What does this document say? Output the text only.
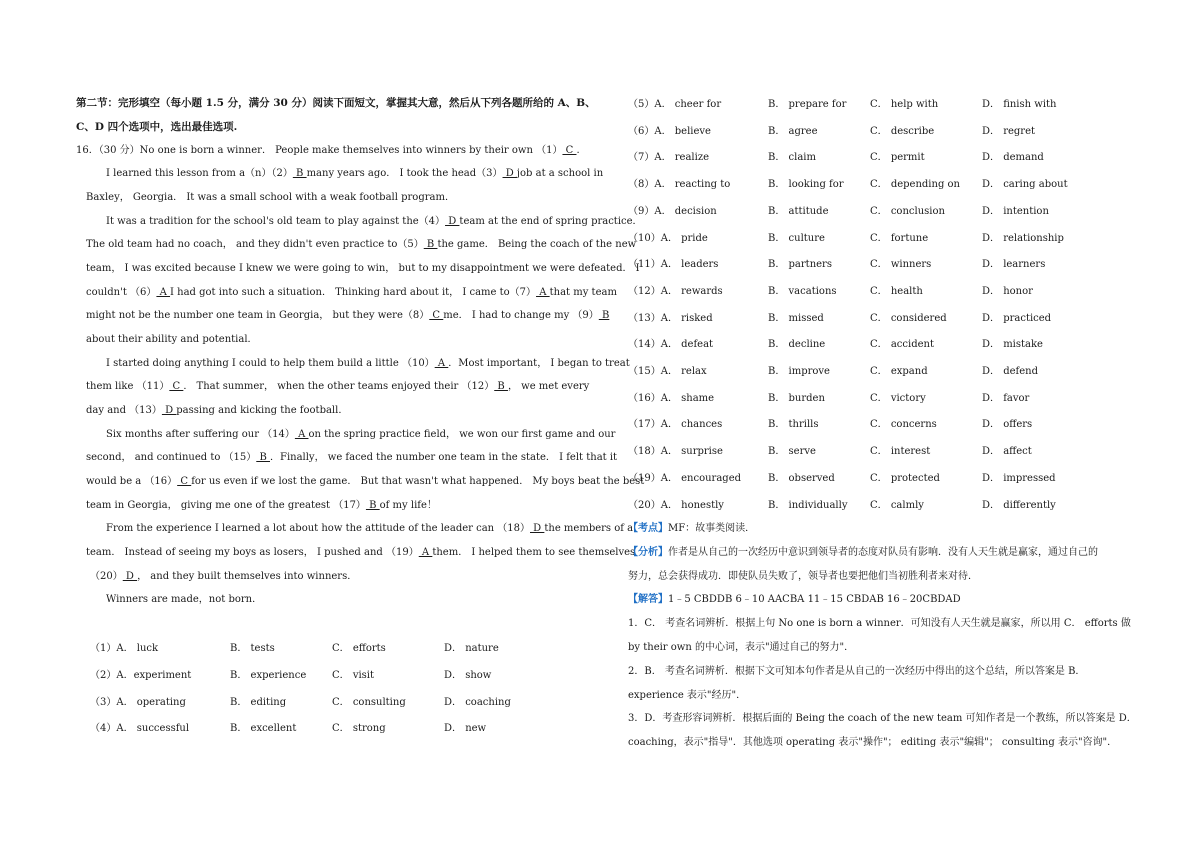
第二节：完形填空（每小题 1.5 分，满分 30 分）阅读下面短文，掌握其大意，然后从下列各题所给的 A、B、
C、D 四个选项中，选出最佳选项.
16．（30 分）No one is born a winner． People make themselves into winners by their own （1） C .
I learned this lesson from a（n）（2） B many years ago． I took the head（3） D job at a school in
Baxley， Georgia． It was a small school with a weak football program．
It was a tradition for the school's old team to play against the（4） D team at the end of spring practice．
The old team had no coach， and they didn't even practice to（5） B the game． Being the coach of the new
team， I was excited because I knew we were going to win， but to my disappointment we were defeated． I
couldn't （6） A I had got into such a situation． Thinking hard about it， I came to（7） A that my team
might not be the number one team in Georgia， but they were（8） C me． I had to change my （9） B
about their ability and potential．
I started doing anything I could to help them build a little （10） A ．Most important， I began to treat
them like （11） C ． That summer， when the other teams enjoyed their （12） B ， we met every
day and （13） D passing and kicking the football．
Six months after suffering our （14） A on the spring practice field， we won our first game and our
second， and continued to （15） B ．Finally， we faced the number one team in the state． I felt that it
would be a （16） C for us even if we lost the game． But that wasn't what happened． My boys beat the best
team in Georgia， giving me one of the greatest （17） B of my life！
From the experience I learned a lot about how the attitude of the leader can （18） D the members of a
team． Instead of seeing my boys as losers， I pushed and （19） A them． I helped them to see themselves
（20） D ， and they built themselves into winners．
Winners are made，not born．
（1）A． luck	B． tests	C． efforts	D． nature
（2）A．experiment	B． experience	C． visit	D． show
（3）A． operating	B． editing	C． consulting	D． coaching
（4）A． successful	B． excellent	C． strong	D． new
（5）A． cheer for	B． prepare for C． help with	D． finish with
（6）A． believe	B． agree	C． describe	D． regret
（7）A． realize	B． claim	C． permit	D． demand
（8）A． reacting to	B． looking for	C． depending on D． caring about
（9）A． decision	B． attitude	C． conclusion	D． intention
（10）A． pride	B． culture	C． fortune	D． relationship
（11）A． leaders	B． partners	C． winners	D． learners
（12）A． rewards	B． vacations	C． health	D． honor
（13）A． risked	B． missed	C． considered	D． practiced
（14）A． defeat	B． decline	C． accident	D． mistake
（15）A． relax	B． improve	C． expand	D． defend
（16）A． shame	B． burden	C． victory	D． favor
（17）A． chances	B． thrills	C． concerns	D． offers
（18）A． surprise	B． serve	C． interest	D． affect
（19）A． encouraged	B． observed	C． protected	D． impressed
（20）A． honestly	B． individually C． calmly	D． differently
【考点】MF：故事类阅读．
【分析】作者是从自己的一次经历中意识到领导者的态度对队员有影响．没有人天生就是赢家，通过自己的
努力，总会获得成功．即使队员失败了，领导者也要把他们当初胜利者来对待．
【解答】1﹣5 CBDDB 6﹣10 AACBA 11﹣15 CBDAB 16﹣20CBDAD
1．C． 考查名词辨析．根据上句 No one is born a winner．可知没有人天生就是赢家，所以用 C． efforts 做
by their own 的中心词，表示"通过自己的努力"．
2．B． 考查名词辨析．根据下文可知本句作者是从自己的一次经历中得出的这个总结，所以答案是 B．
experience 表示"经历"．
3．D．考查形容词辨析．根据后面的 Being the coach of the new team 可知作者是一个教练，所以答案是 D．
coaching，表示"指导"．其他选项 operating 表示"操作"； editing 表示"编辑"； consulting 表示"咨询"．
